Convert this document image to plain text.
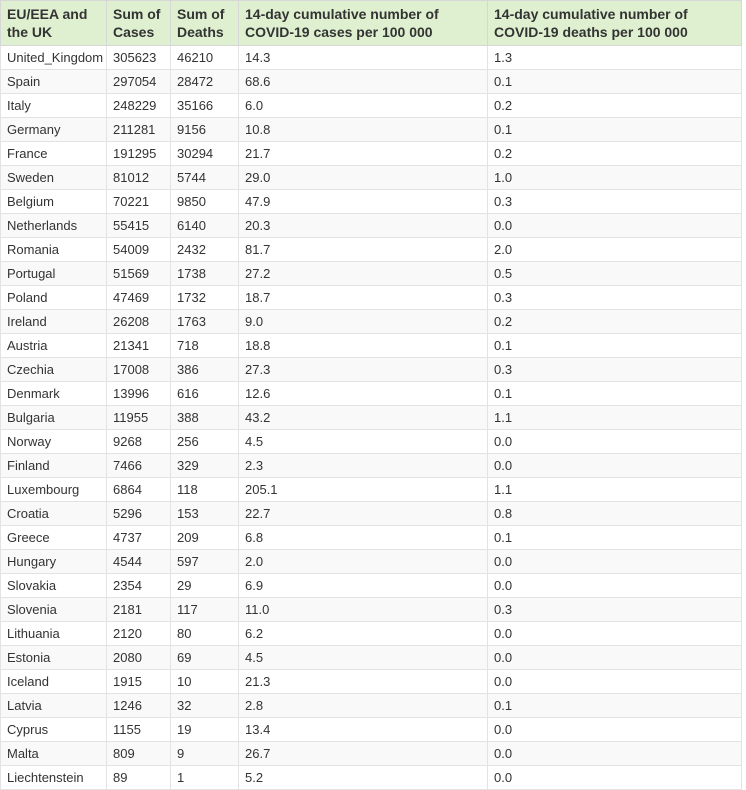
EU/EEA and the UK	Sum of Cases	Sum of Deaths	14-day cumulative number of COVID-19 cases per 100 000	14-day cumulative number of COVID-19 deaths per 100 000
United_Kingdom	305623	46210	14.3	1.3
Spain	297054	28472	68.6	0.1
Italy	248229	35166	6.0	0.2
Germany	211281	9156	10.8	0.1
France	191295	30294	21.7	0.2
Sweden	81012	5744	29.0	1.0
Belgium	70221	9850	47.9	0.3
Netherlands	55415	6140	20.3	0.0
Romania	54009	2432	81.7	2.0
Portugal	51569	1738	27.2	0.5
Poland	47469	1732	18.7	0.3
Ireland	26208	1763	9.0	0.2
Austria	21341	718	18.8	0.1
Czechia	17008	386	27.3	0.3
Denmark	13996	616	12.6	0.1
Bulgaria	11955	388	43.2	1.1
Norway	9268	256	4.5	0.0
Finland	7466	329	2.3	0.0
Luxembourg	6864	118	205.1	1.1
Croatia	5296	153	22.7	0.8
Greece	4737	209	6.8	0.1
Hungary	4544	597	2.0	0.0
Slovakia	2354	29	6.9	0.0
Slovenia	2181	117	11.0	0.3
Lithuania	2120	80	6.2	0.0
Estonia	2080	69	4.5	0.0
Iceland	1915	10	21.3	0.0
Latvia	1246	32	2.8	0.1
Cyprus	1155	19	13.4	0.0
Malta	809	9	26.7	0.0
Liechtenstein	89	1	5.2	0.0
